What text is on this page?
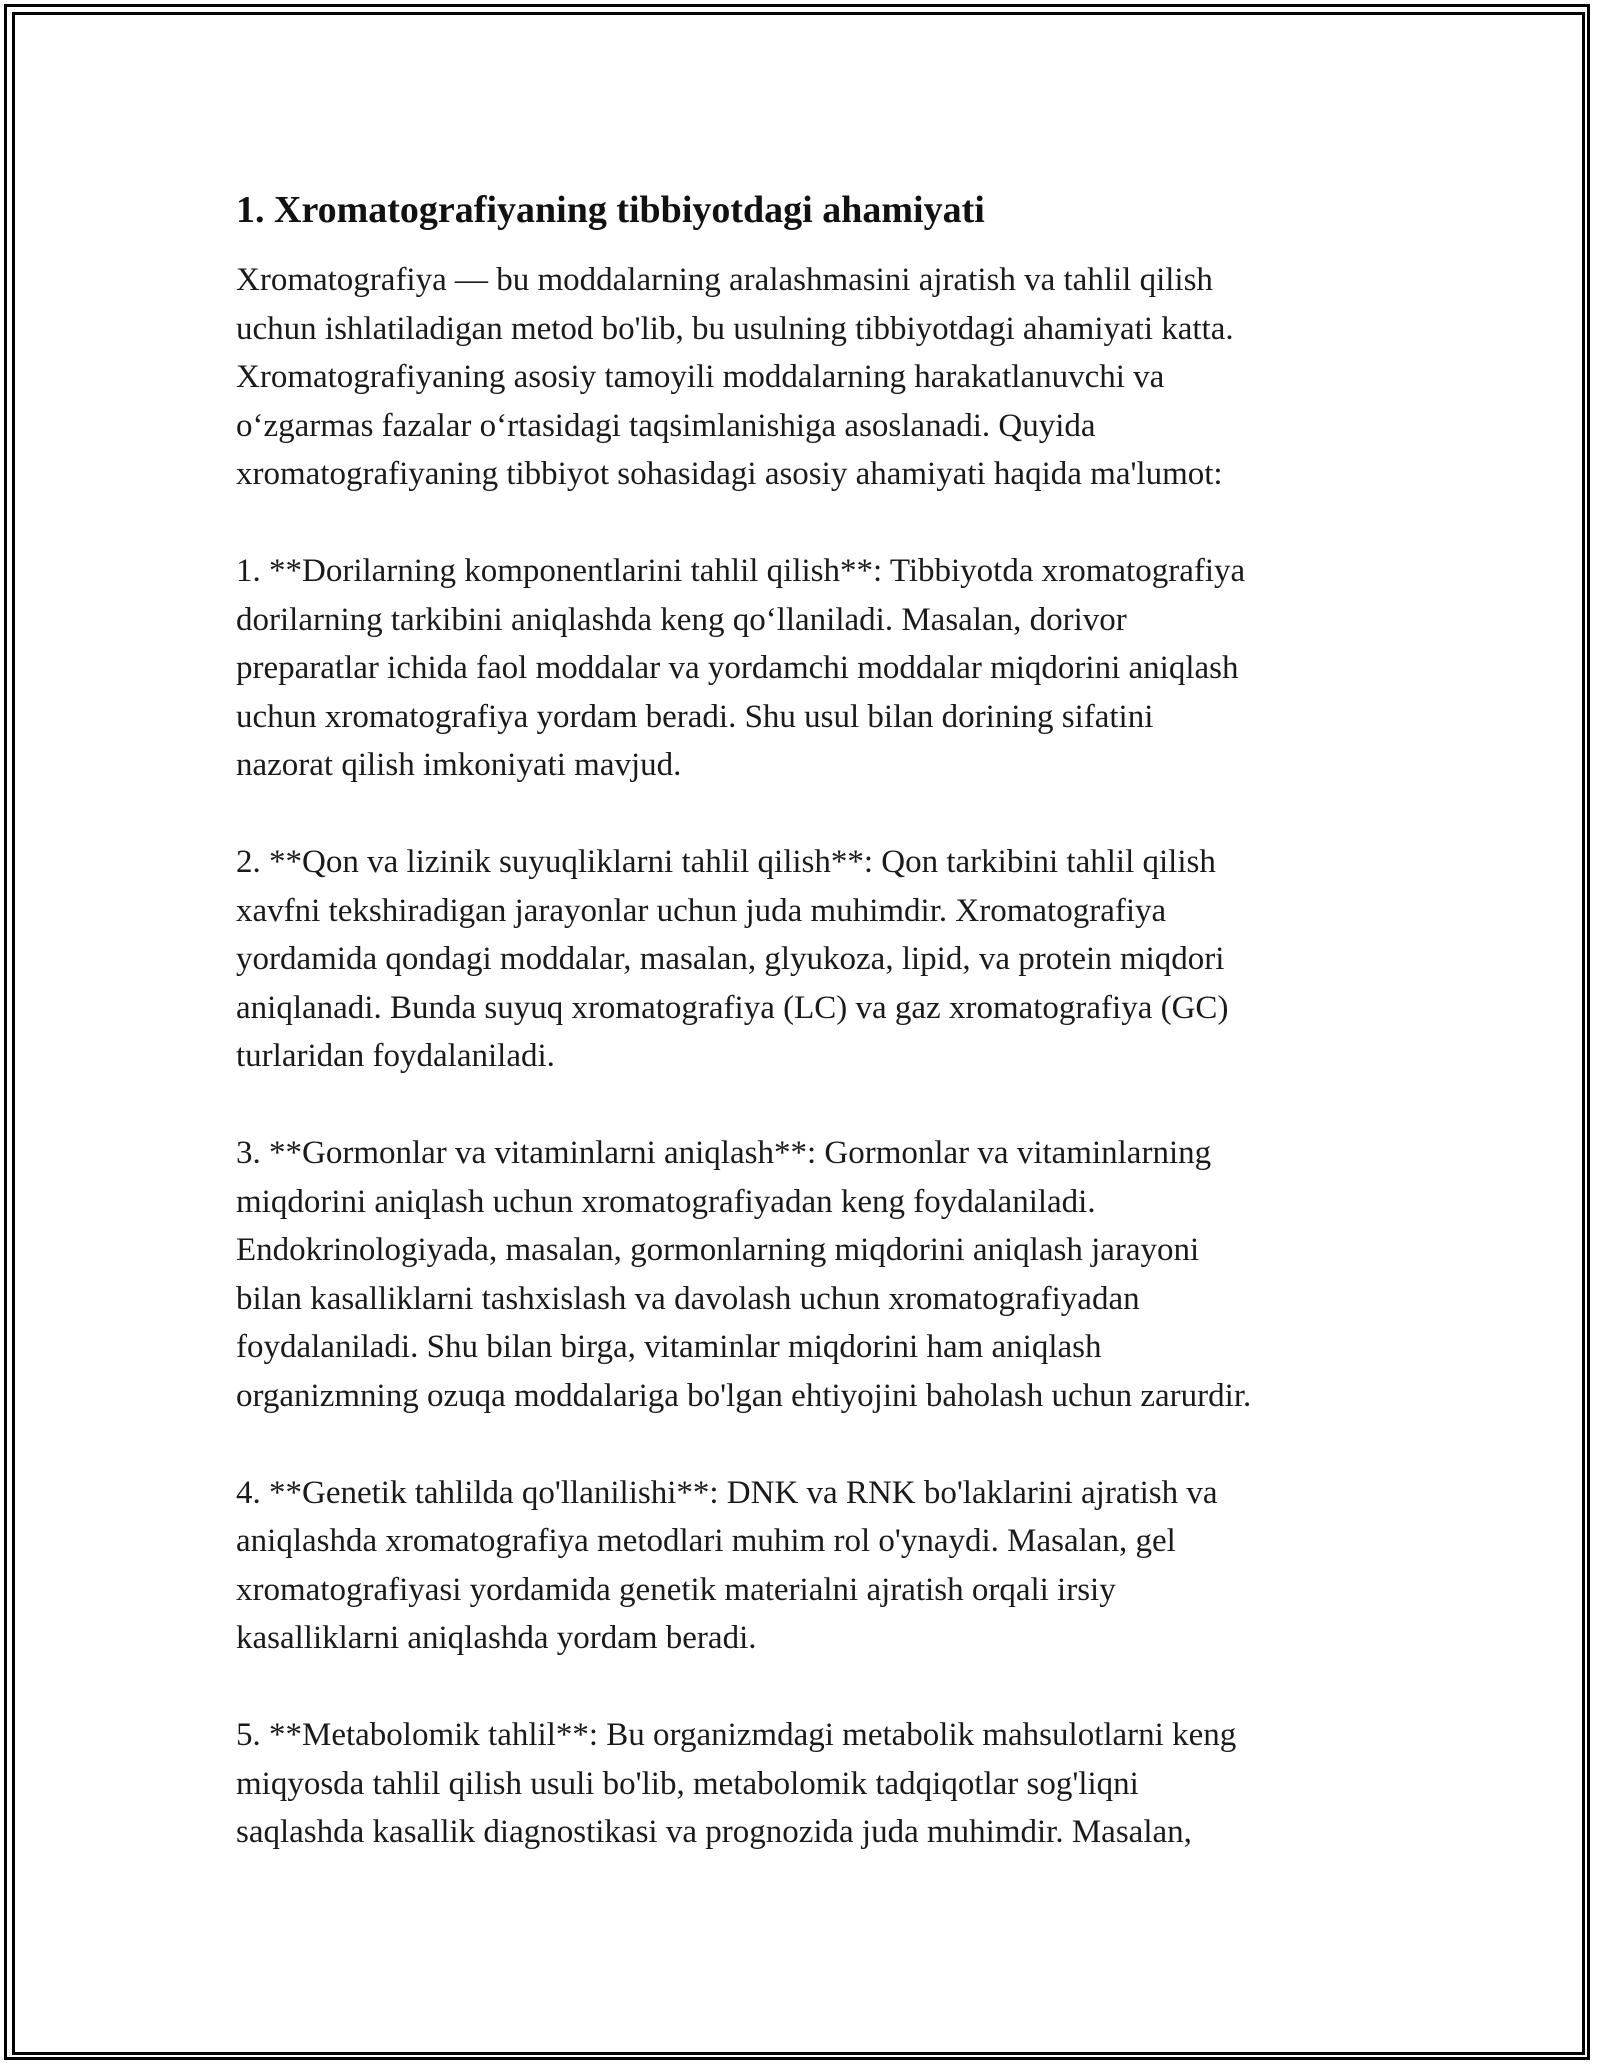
1. Xromatografiyaning tibbiyotdagi ahamiyati

Xromatografiya — bu moddalarning aralashmasini ajratish va tahlil qilish
uchun ishlatiladigan metod bo'lib, bu usulning tibbiyotdagi ahamiyati katta.
Xromatografiyaning asosiy tamoyili moddalarning harakatlanuvchi va
o‘zgarmas fazalar o‘rtasidagi taqsimlanishiga asoslanadi. Quyida
xromatografiyaning tibbiyot sohasidagi asosiy ahamiyati haqida ma'lumot:

1. **Dorilarning komponentlarini tahlil qilish**: Tibbiyotda xromatografiya
dorilarning tarkibini aniqlashda keng qo‘llaniladi. Masalan, dorivor
preparatlar ichida faol moddalar va yordamchi moddalar miqdorini aniqlash
uchun xromatografiya yordam beradi. Shu usul bilan dorining sifatini
nazorat qilish imkoniyati mavjud.

2. **Qon va lizinik suyuqliklarni tahlil qilish**: Qon tarkibini tahlil qilish
xavfni tekshiradigan jarayonlar uchun juda muhimdir. Xromatografiya
yordamida qondagi moddalar, masalan, glyukoza, lipid, va protein miqdori
aniqlanadi. Bunda suyuq xromatografiya (LC) va gaz xromatografiya (GC)
turlaridan foydalaniladi.

3. **Gormonlar va vitaminlarni aniqlash**: Gormonlar va vitaminlarning
miqdorini aniqlash uchun xromatografiyadan keng foydalaniladi.
Endokrinologiyada, masalan, gormonlarning miqdorini aniqlash jarayoni
bilan kasalliklarni tashxislash va davolash uchun xromatografiyadan
foydalaniladi. Shu bilan birga, vitaminlar miqdorini ham aniqlash
organizmning ozuqa moddalariga bo'lgan ehtiyojini baholash uchun zarurdir.

4. **Genetik tahlilda qo'llanilishi**: DNK va RNK bo'laklarini ajratish va
aniqlashda xromatografiya metodlari muhim rol o'ynaydi. Masalan, gel
xromatografiyasi yordamida genetik materialni ajratish orqali irsiy
kasalliklarni aniqlashda yordam beradi.

5. **Metabolomik tahlil**: Bu organizmdagi metabolik mahsulotlarni keng
miqyosda tahlil qilish usuli bo'lib, metabolomik tadqiqotlar sog'liqni
saqlashda kasallik diagnostikasi va prognozida juda muhimdir. Masalan,
